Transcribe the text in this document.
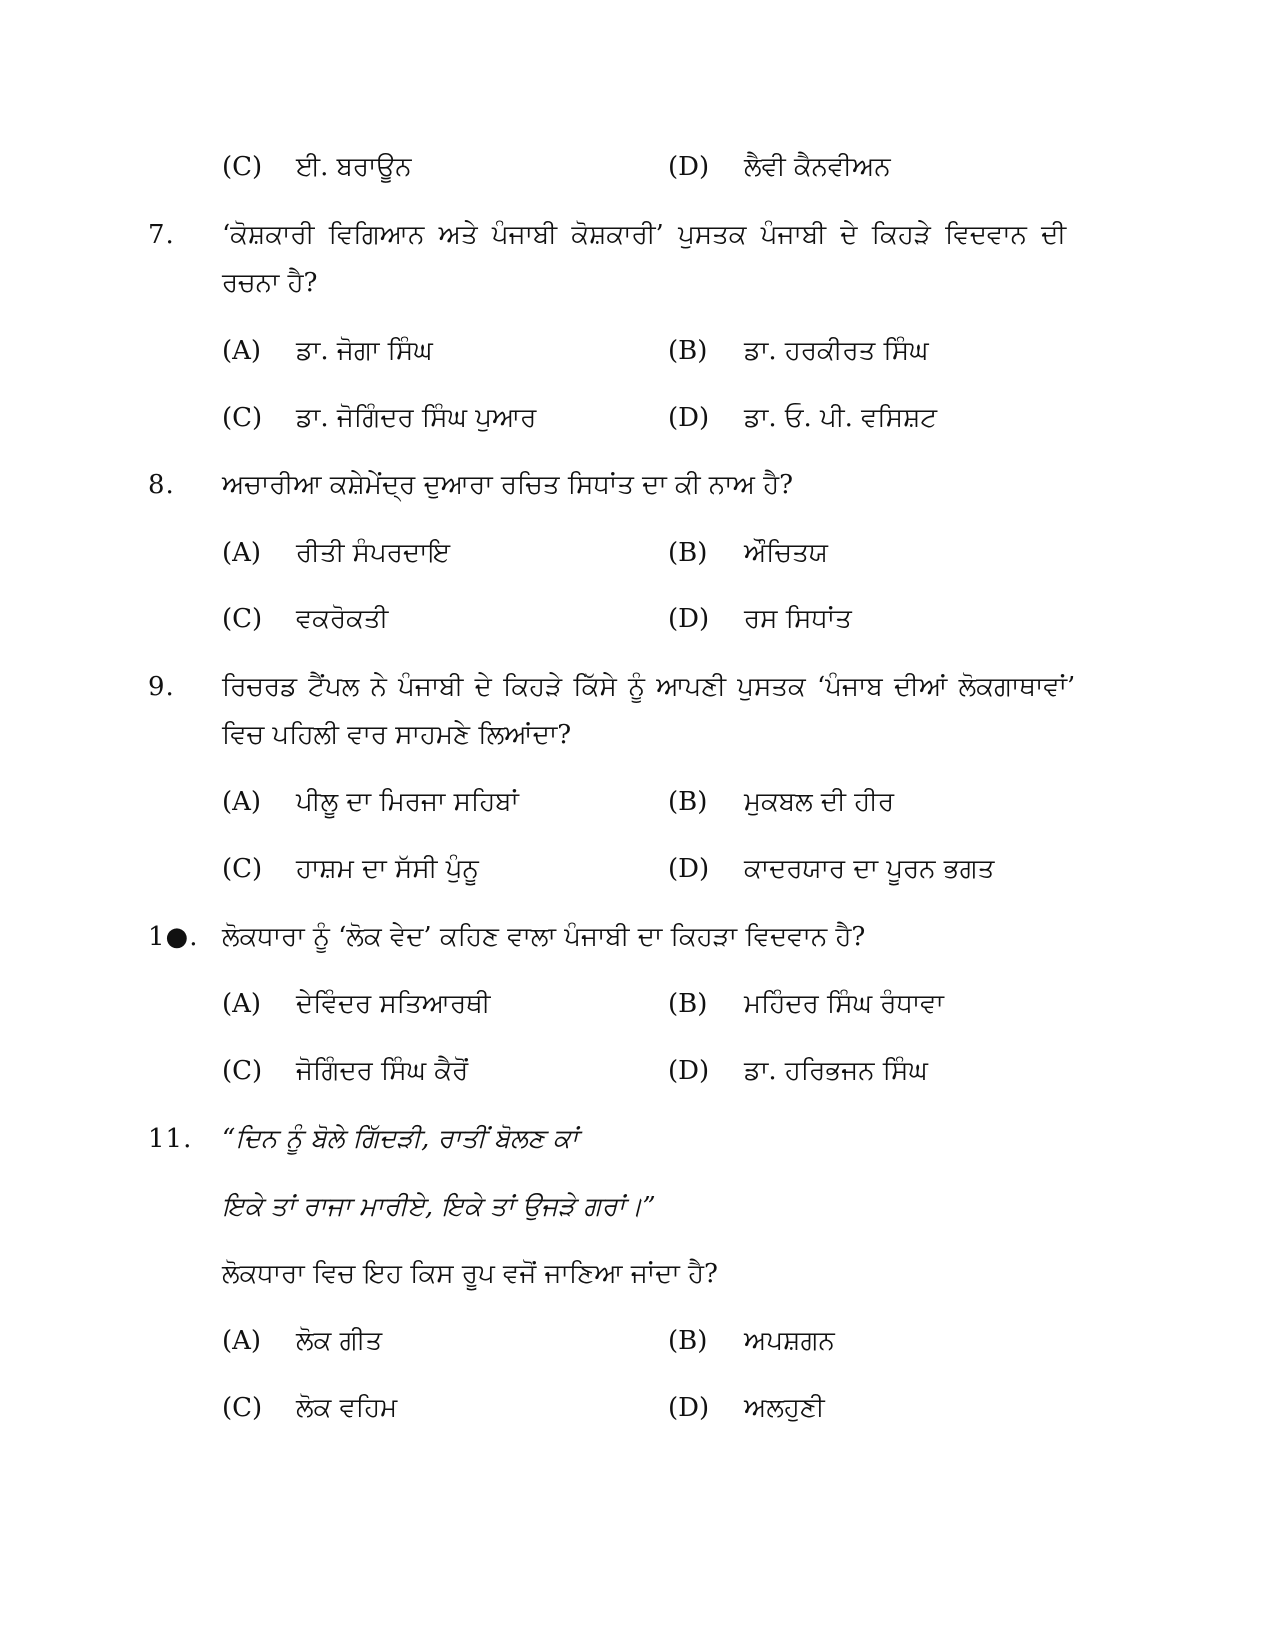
(C) ਈ. ਬਰਾਊਨ	(D) ਲੈਵੀ ਕੈਨਵੀਅਨ
7. ‘ਕੋਸ਼ਕਾਰੀ ਵਿਗਿਆਨ ਅਤੇ ਪੰਜਾਬੀ ਕੋਸ਼ਕਾਰੀ’ ਪੁਸਤਕ ਪੰਜਾਬੀ ਦੇ ਕਿਹੜੇ ਵਿਦਵਾਨ ਦੀ
ਰਚਨਾ ਹੈ?
(A) ਡਾ. ਜੋਗਾ ਸਿੰਘ	(B) ਡਾ. ਹਰਕੀਰਤ ਸਿੰਘ
(C) ਡਾ. ਜੋਗਿੰਦਰ ਸਿੰਘ ਪੁਆਰ	(D) ਡਾ. ਓ. ਪੀ. ਵਸਿਸ਼ਟ
8. ਅਚਾਰੀਆ ਕਸ਼ੇਮੇਂਦ੍ਰ ਦੁਆਰਾ ਰਚਿਤ ਸਿਧਾਂਤ ਦਾ ਕੀ ਨਾਅ ਹੈ?
(A) ਰੀਤੀ ਸੰਪਰਦਾਇ	(B) ਔਚਿਤਯ
(C) ਵਕਰੋਕਤੀ	(D) ਰਸ ਸਿਧਾਂਤ
9. ਰਿਚਰਡ ਟੈਂਪਲ ਨੇ ਪੰਜਾਬੀ ਦੇ ਕਿਹੜੇ ਕਿੱਸੇ ਨੂੰ ਆਪਣੀ ਪੁਸਤਕ ‘ਪੰਜਾਬ ਦੀਆਂ ਲੋਕਗਾਥਾਵਾਂ’
ਵਿਚ ਪਹਿਲੀ ਵਾਰ ਸਾਹਮਣੇ ਲਿਆਂਦਾ?
(A) ਪੀਲੂ ਦਾ ਮਿਰਜਾ ਸਹਿਬਾਂ	(B) ਮੁਕਬਲ ਦੀ ਹੀਰ
(C) ਹਾਸ਼ਮ ਦਾ ਸੱਸੀ ਪੁੰਨੂ	(D) ਕਾਦਰਯਾਰ ਦਾ ਪੂਰਨ ਭਗਤ
1●. ਲੋਕਧਾਰਾ ਨੂੰ ‘ਲੋਕ ਵੇਦ’ ਕਹਿਣ ਵਾਲਾ ਪੰਜਾਬੀ ਦਾ ਕਿਹੜਾ ਵਿਦਵਾਨ ਹੈ?
(A) ਦੇਵਿੰਦਰ ਸਤਿਆਰਥੀ	(B) ਮਹਿੰਦਰ ਸਿੰਘ ਰੰਧਾਵਾ
(C) ਜੋਗਿੰਦਰ ਸਿੰਘ ਕੈਰੋਂ	(D) ਡਾ. ਹਰਿਭਜਨ ਸਿੰਘ
11. “ਦਿਨ ਨੂੰ ਬੋਲੇ ਗਿੱਦੜੀ, ਰਾਤੀਂ ਬੋਲਣ ਕਾਂ
ਇਕੇ ਤਾਂ ਰਾਜਾ ਮਾਰੀਏ, ਇਕੇ ਤਾਂ ਉਜੜੇ ਗਰਾਂ।”
ਲੋਕਧਾਰਾ ਵਿਚ ਇਹ ਕਿਸ ਰੂਪ ਵਜੋਂ ਜਾਣਿਆ ਜਾਂਦਾ ਹੈ?
(A) ਲੋਕ ਗੀਤ	(B) ਅਪਸ਼ਗਨ
(C) ਲੋਕ ਵਹਿਮ	(D) ਅਲਹੁਣੀ
